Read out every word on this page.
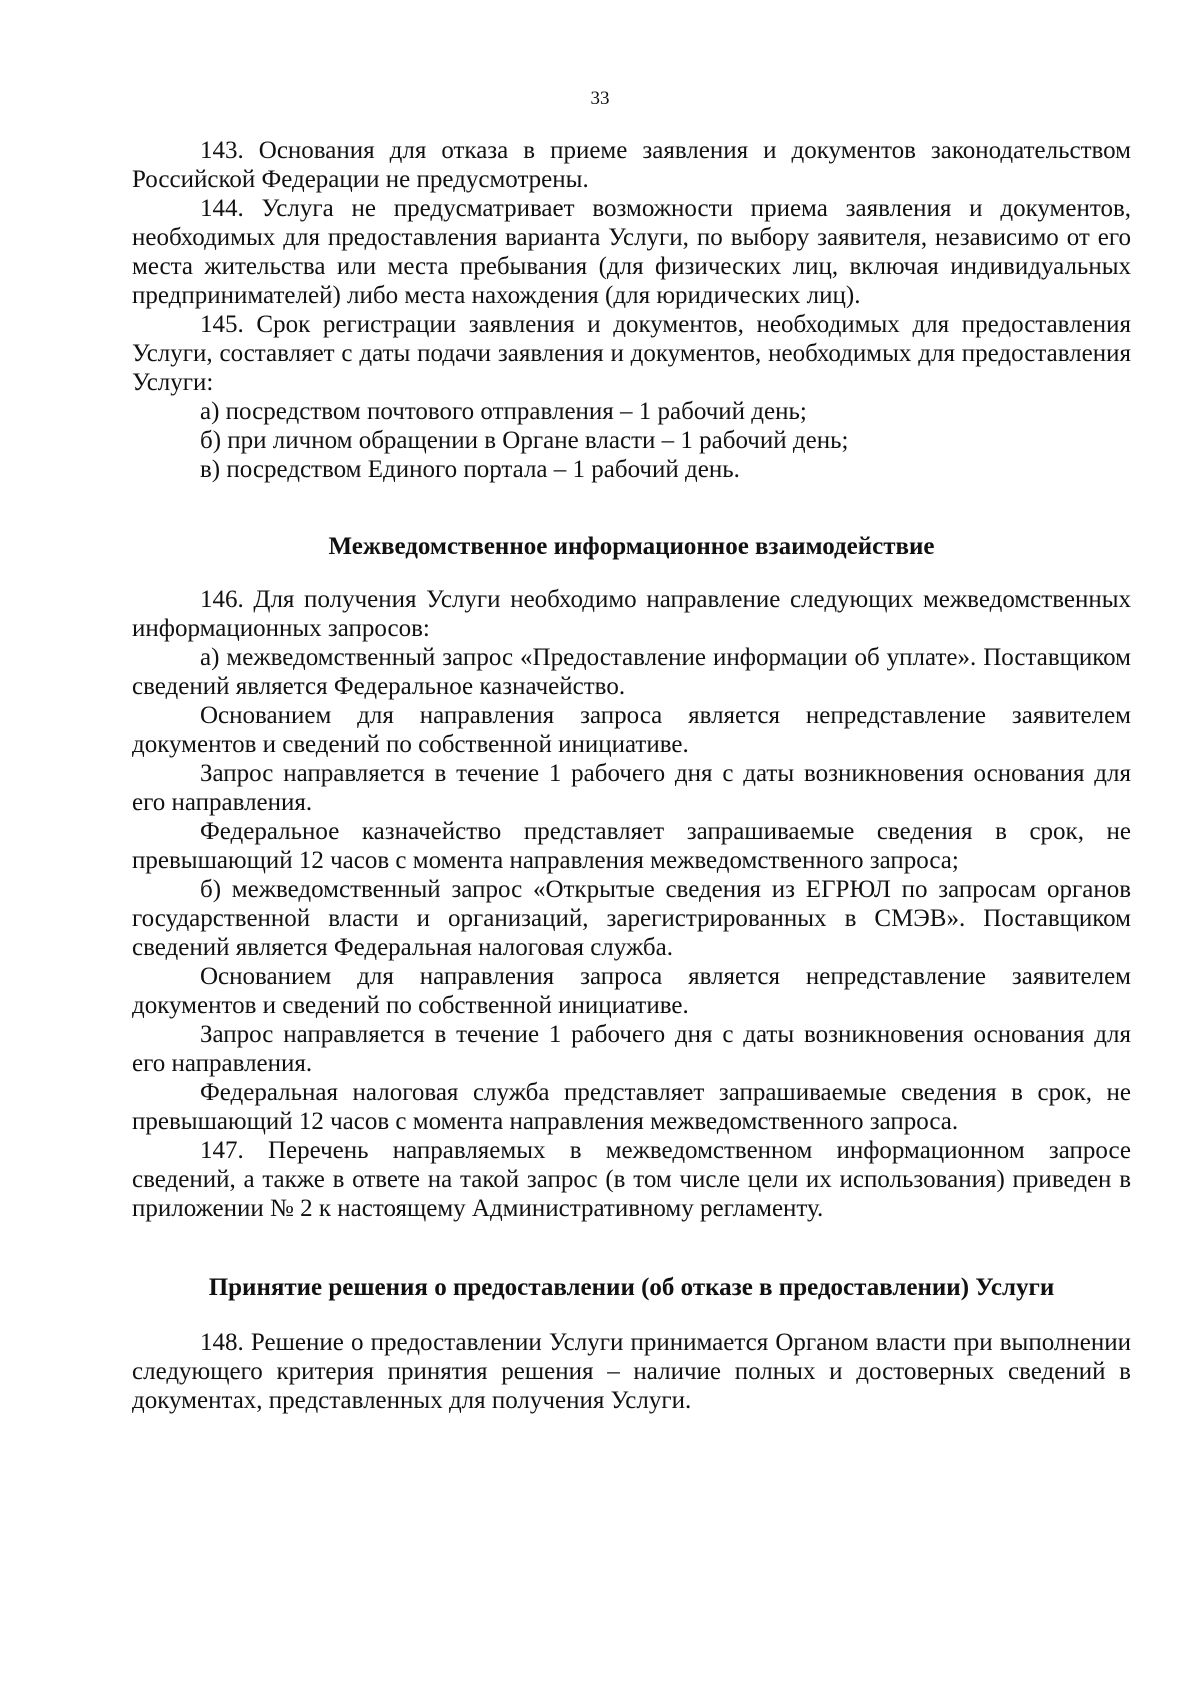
33

143. Основания для отказа в приеме заявления и документов законодательством Российской Федерации не предусмотрены.

144. Услуга не предусматривает возможности приема заявления и документов, необходимых для предоставления варианта Услуги, по выбору заявителя, независимо от его места жительства или места пребывания (для физических лиц, включая индивидуальных предпринимателей) либо места нахождения (для юридических лиц).

145. Срок регистрации заявления и документов, необходимых для предоставления Услуги, составляет с даты подачи заявления и документов, необходимых для предоставления Услуги:

а) посредством почтового отправления – 1 рабочий день;

б) при личном обращении в Органе власти – 1 рабочий день;

в) посредством Единого портала – 1 рабочий день.

Межведомственное информационное взаимодействие

146. Для получения Услуги необходимо направление следующих межведомственных информационных запросов:

а) межведомственный запрос «Предоставление информации об уплате». Поставщиком сведений является Федеральное казначейство.

Основанием для направления запроса является непредставление заявителем документов и сведений по собственной инициативе.

Запрос направляется в течение 1 рабочего дня с даты возникновения основания для его направления.

Федеральное казначейство представляет запрашиваемые сведения в срок, не превышающий 12 часов с момента направления межведомственного запроса;

б) межведомственный запрос «Открытые сведения из ЕГРЮЛ по запросам органов государственной власти и организаций, зарегистрированных в СМЭВ». Поставщиком сведений является Федеральная налоговая служба.

Основанием для направления запроса является непредставление заявителем документов и сведений по собственной инициативе.

Запрос направляется в течение 1 рабочего дня с даты возникновения основания для его направления.

Федеральная налоговая служба представляет запрашиваемые сведения в срок, не превышающий 12 часов с момента направления межведомственного запроса.

147. Перечень направляемых в межведомственном информационном запросе сведений, а также в ответе на такой запрос (в том числе цели их использования) приведен в приложении № 2 к настоящему Административному регламенту.

Принятие решения о предоставлении (об отказе в предоставлении) Услуги

148. Решение о предоставлении Услуги принимается Органом власти при выполнении следующего критерия принятия решения – наличие полных и достоверных сведений в документах, представленных для получения Услуги.
